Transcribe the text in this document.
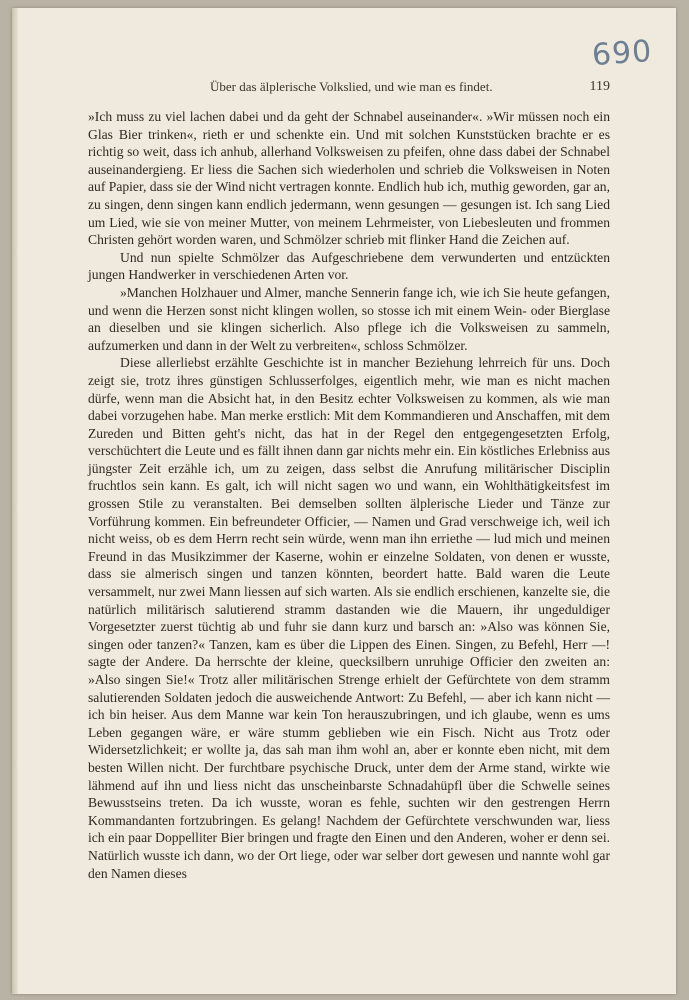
690
Über das älplerische Volkslied, und wie man es findet.	119

»Ich muss zu viel lachen dabei und da geht der Schnabel auseinander«. »Wir müssen noch ein Glas Bier trinken«, rieth er und schenkte ein. Und mit solchen Kunststücken brachte er es richtig so weit, dass ich anhub, allerhand Volksweisen zu pfeifen, ohne dass dabei der Schnabel auseinandergieng. Er liess die Sachen sich wiederholen und schrieb die Volksweisen in Noten auf Papier, dass sie der Wind nicht vertragen konnte. Endlich hub ich, muthig geworden, gar an, zu singen, denn singen kann endlich jedermann, wenn gesungen — gesungen ist. Ich sang Lied um Lied, wie sie von meiner Mutter, von meinem Lehrmeister, von Liebesleuten und frommen Christen gehört worden waren, und Schmölzer schrieb mit flinker Hand die Zeichen auf.

Und nun spielte Schmölzer das Aufgeschriebene dem verwunderten und entzückten jungen Handwerker in verschiedenen Arten vor.

»Manchen Holzhauer und Almer, manche Sennerin fange ich, wie ich Sie heute gefangen, und wenn die Herzen sonst nicht klingen wollen, so stosse ich mit einem Wein- oder Bierglase an dieselben und sie klingen sicherlich. Also pflege ich die Volksweisen zu sammeln, aufzumerken und dann in der Welt zu verbreiten«, schloss Schmölzer.

Diese allerliebst erzählte Geschichte ist in mancher Beziehung lehrreich für uns. Doch zeigt sie, trotz ihres günstigen Schlusserfolges, eigentlich mehr, wie man es nicht machen dürfe, wenn man die Absicht hat, in den Besitz echter Volksweisen zu kommen, als wie man dabei vorzugehen habe. Man merke erstlich: Mit dem Kommandieren und Anschaffen, mit dem Zureden und Bitten geht's nicht, das hat in der Regel den entgegengesetzten Erfolg, verschüchtert die Leute und es fällt ihnen dann gar nichts mehr ein. Ein köstliches Erlebniss aus jüngster Zeit erzähle ich, um zu zeigen, dass selbst die Anrufung militärischer Disciplin fruchtlos sein kann. Es galt, ich will nicht sagen wo und wann, ein Wohlthätigkeitsfest im grossen Stile zu veranstalten. Bei demselben sollten älplerische Lieder und Tänze zur Vorführung kommen. Ein befreundeter Officier, — Namen und Grad verschweige ich, weil ich nicht weiss, ob es dem Herrn recht sein würde, wenn man ihn erriethe — lud mich und meinen Freund in das Musikzimmer der Kaserne, wohin er einzelne Soldaten, von denen er wusste, dass sie almerisch singen und tanzen könnten, beordert hatte. Bald waren die Leute versammelt, nur zwei Mann liessen auf sich warten. Als sie endlich erschienen, kanzelte sie, die natürlich militärisch salutierend stramm dastanden wie die Mauern, ihr ungeduldiger Vorgesetzter zuerst tüchtig ab und fuhr sie dann kurz und barsch an: »Also was können Sie, singen oder tanzen?« Tanzen, kam es über die Lippen des Einen. Singen, zu Befehl, Herr —! sagte der Andere. Da herrschte der kleine, quecksilbern unruhige Officier den zweiten an: »Also singen Sie!« Trotz aller militärischen Strenge erhielt der Gefürchtete von dem stramm salutierenden Soldaten jedoch die ausweichende Antwort: Zu Befehl, — aber ich kann nicht — ich bin heiser. Aus dem Manne war kein Ton herauszubringen, und ich glaube, wenn es ums Leben gegangen wäre, er wäre stumm geblieben wie ein Fisch. Nicht aus Trotz oder Widersetzlichkeit; er wollte ja, das sah man ihm wohl an, aber er konnte eben nicht, mit dem besten Willen nicht. Der furchtbare psychische Druck, unter dem der Arme stand, wirkte wie lähmend auf ihn und liess nicht das unscheinbarste Schnadahüpfl über die Schwelle seines Bewusstseins treten. Da ich wusste, woran es fehle, suchten wir den gestrengen Herrn Kommandanten fortzubringen. Es gelang! Nachdem der Gefürchtete verschwunden war, liess ich ein paar Doppelliter Bier bringen und fragte den Einen und den Anderen, woher er denn sei. Natürlich wusste ich dann, wo der Ort liege, oder war selber dort gewesen und nannte wohl gar den Namen dieses
